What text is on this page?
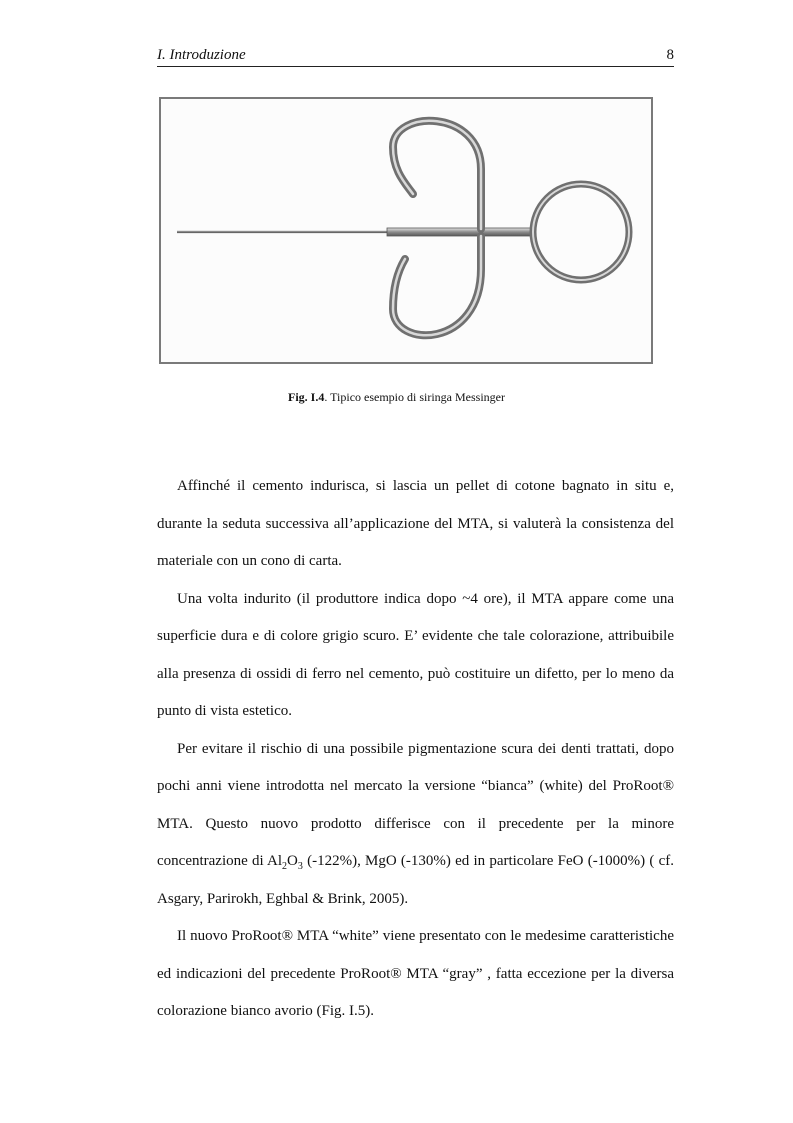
I. Introduzione	8
Fig. I.4. Tipico esempio di siringa Messinger

Affinché il cemento indurisca, si lascia un pellet di cotone bagnato in situ e, durante la seduta successiva all’applicazione del MTA, si valuterà la consistenza del materiale con un cono di carta.

Una volta indurito (il produttore indica dopo ~4 ore), il MTA appare come una superficie dura e di colore grigio scuro. E’ evidente che tale colorazione, attribuibile alla presenza di ossidi di ferro nel cemento, può costituire un difetto, per lo meno da punto di vista estetico.

Per evitare il rischio di una possibile pigmentazione scura dei denti trattati, dopo pochi anni viene introdotta nel mercato la versione “bianca” (white) del ProRoot® MTA. Questo nuovo prodotto differisce con il precedente per la minore concentrazione di $Al_2O_3$ (-122%), MgO (-130%) ed in particolare FeO (-1000%) ( cf. Asgary, Parirokh, Eghbal & Brink, 2005).

Il nuovo ProRoot® MTA “white” viene presentato con le medesime caratteristiche ed indicazioni del precedente ProRoot® MTA “gray” , fatta eccezione per la diversa colorazione bianco avorio (Fig. I.5).
